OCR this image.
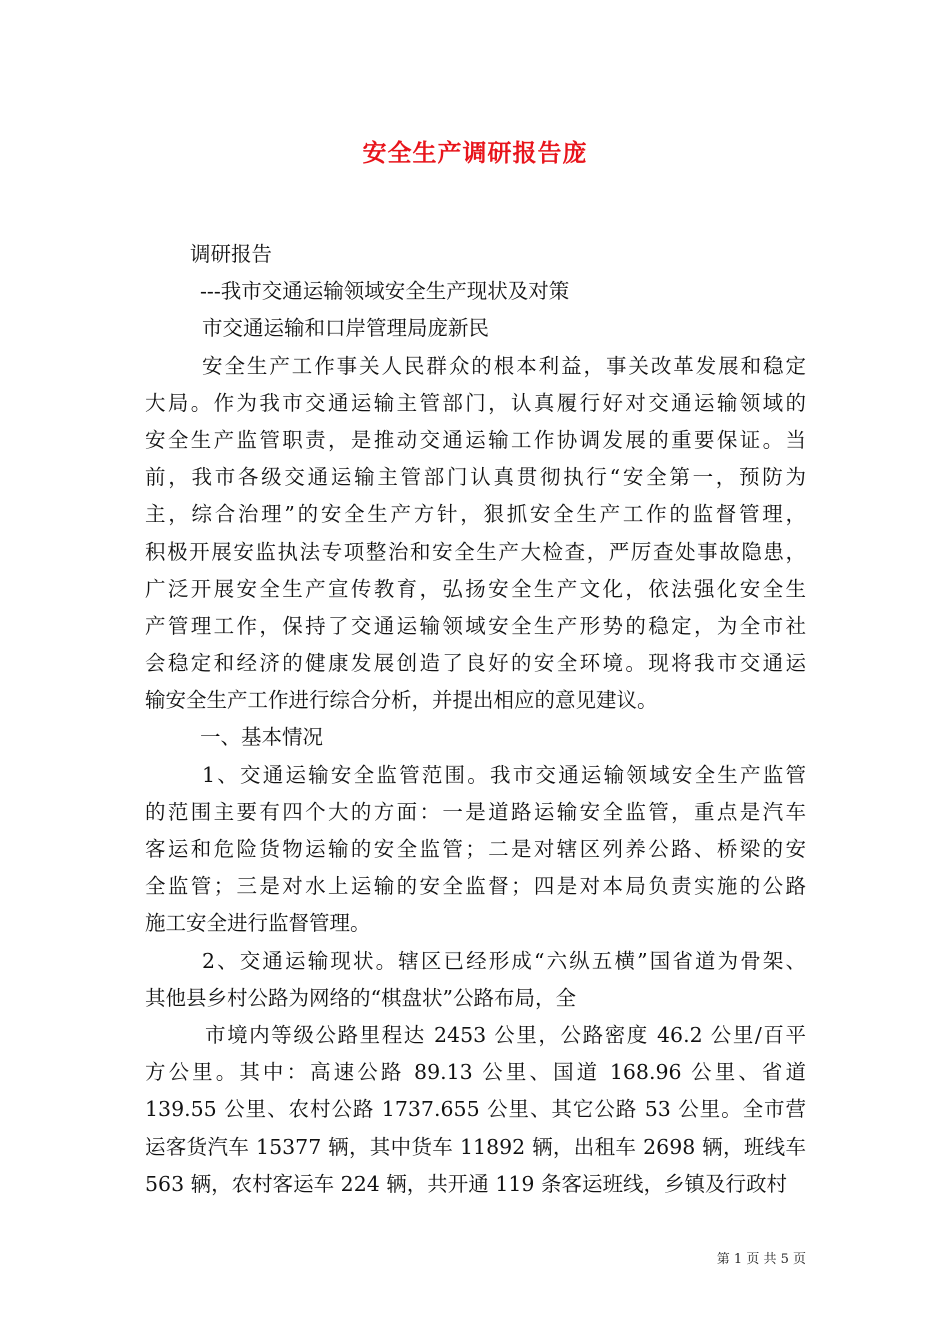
安全生产调研报告庞
调研报告
---我市交通运输领域安全生产现状及对策
市交通运输和口岸管理局庞新民
安全生产工作事关人民群众的根本利益，事关改革发展和稳定
大局。作为我市交通运输主管部门，认真履行好对交通运输领域的
安全生产监管职责，是推动交通运输工作协调发展的重要保证。当
前，我市各级交通运输主管部门认真贯彻执行“安全第一，预防为
主，综合治理”的安全生产方针，狠抓安全生产工作的监督管理，
积极开展安监执法专项整治和安全生产大检查，严厉查处事故隐患，
广泛开展安全生产宣传教育，弘扬安全生产文化，依法强化安全生
产管理工作，保持了交通运输领域安全生产形势的稳定，为全市社
会稳定和经济的健康发展创造了良好的安全环境。现将我市交通运
输安全生产工作进行综合分析，并提出相应的意见建议。
一、基本情况
1、交通运输安全监管范围。我市交通运输领域安全生产监管
的范围主要有四个大的方面：一是道路运输安全监管，重点是汽车
客运和危险货物运输的安全监管；二是对辖区列养公路、桥梁的安
全监管；三是对水上运输的安全监督；四是对本局负责实施的公路
施工安全进行监督管理。
2、交通运输现状。辖区已经形成“六纵五横”国省道为骨架、
其他县乡村公路为网络的“棋盘状”公路布局，全
市境内等级公路里程达 2453 公里，公路密度 46.2 公里/百平
方公里。其中：高速公路 89.13 公里、国道 168.96 公里、省道
139.55 公里、农村公路 1737.655 公里、其它公路 53 公里。全市营
运客货汽车 15377 辆，其中货车 11892 辆，出租车 2698 辆，班线车
563 辆，农村客运车 224 辆，共开通 119 条客运班线，乡镇及行政村
第 1 页 共 5 页
